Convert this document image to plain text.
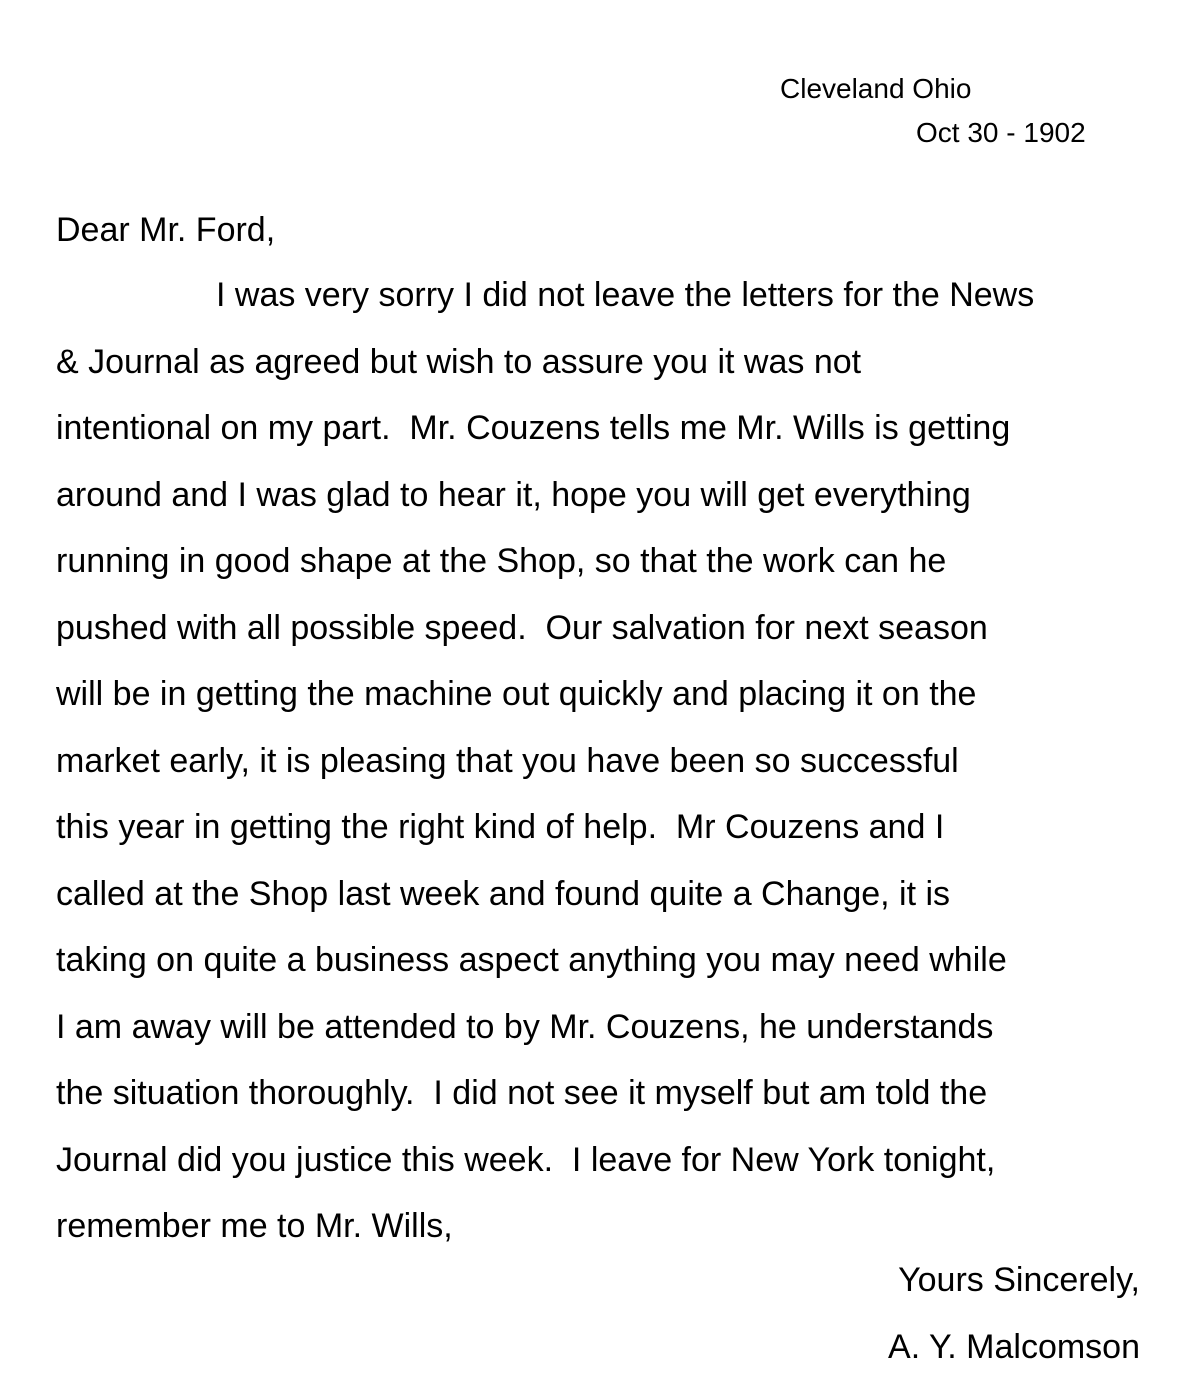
Cleveland Ohio
Oct 30 - 1902
Dear Mr. Ford,
I was very sorry I did not leave the letters for the News
& Journal as agreed but wish to assure you it was not
intentional on my part.  Mr. Couzens tells me Mr. Wills is getting
around and I was glad to hear it, hope you will get everything
running in good shape at the Shop, so that the work can he
pushed with all possible speed.  Our salvation for next season
will be in getting the machine out quickly and placing it on the
market early, it is pleasing that you have been so successful
this year in getting the right kind of help.  Mr Couzens and I
called at the Shop last week and found quite a Change, it is
taking on quite a business aspect anything you may need while
I am away will be attended to by Mr. Couzens, he understands
the situation thoroughly.  I did not see it myself but am told the
Journal did you justice this week.  I leave for New York tonight,
remember me to Mr. Wills,
Yours Sincerely,
A. Y. Malcomson
